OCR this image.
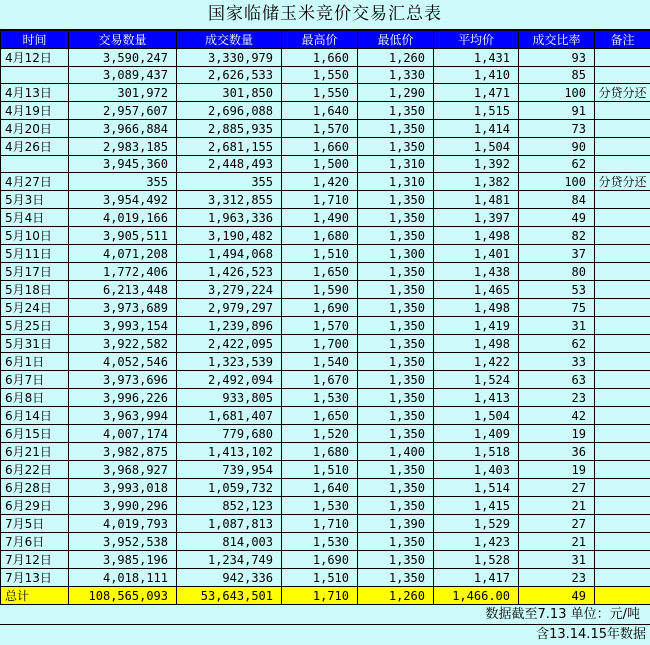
国家临储玉米竞价交易汇总表
时间	交易数量	成交数量	最高价	最低价	平均价	成交比率	备注
4月12日	3,590,247	3,330,979	1,660	1,260	1,431	93	
	3,089,437	2,626,533	1,550	1,330	1,410	85	
4月13日	301,972	301,850	1,550	1,290	1,471	100	分贷分还
4月19日	2,957,607	2,696,088	1,640	1,350	1,515	91	
4月20日	3,966,884	2,885,935	1,570	1,350	1,414	73	
4月26日	2,983,185	2,681,155	1,660	1,350	1,504	90	
	3,945,360	2,448,493	1,500	1,310	1,392	62	
4月27日	355	355	1,420	1,310	1,382	100	分贷分还
5月3日	3,954,492	3,312,855	1,710	1,350	1,481	84	
5月4日	4,019,166	1,963,336	1,490	1,350	1,397	49	
5月10日	3,905,511	3,190,482	1,680	1,350	1,498	82	
5月11日	4,071,208	1,494,068	1,510	1,300	1,401	37	
5月17日	1,772,406	1,426,523	1,650	1,350	1,438	80	
5月18日	6,213,448	3,279,224	1,590	1,350	1,465	53	
5月24日	3,973,689	2,979,297	1,690	1,350	1,498	75	
5月25日	3,993,154	1,239,896	1,570	1,350	1,419	31	
5月31日	3,922,582	2,422,095	1,700	1,350	1,498	62	
6月1日	4,052,546	1,323,539	1,540	1,350	1,422	33	
6月7日	3,973,696	2,492,094	1,670	1,350	1,524	63	
6月8日	3,996,226	933,805	1,530	1,350	1,413	23	
6月14日	3,963,994	1,681,407	1,650	1,350	1,504	42	
6月15日	4,007,174	779,680	1,520	1,350	1,409	19	
6月21日	3,982,875	1,413,102	1,680	1,400	1,518	36	
6月22日	3,968,927	739,954	1,510	1,350	1,403	19	
6月28日	3,993,018	1,059,732	1,640	1,350	1,514	27	
6月29日	3,990,296	852,123	1,530	1,350	1,415	21	
7月5日	4,019,793	1,087,813	1,710	1,390	1,529	27	
7月6日	3,952,538	814,003	1,530	1,350	1,423	21	
7月12日	3,985,196	1,234,749	1,690	1,350	1,528	31	
7月13日	4,018,111	942,336	1,510	1,350	1,417	23	
总计	108,565,093	53,643,501	1,710	1,260	1,466.00	49	
数据截至7.13 单位：元/吨
含13.14.15年数据
